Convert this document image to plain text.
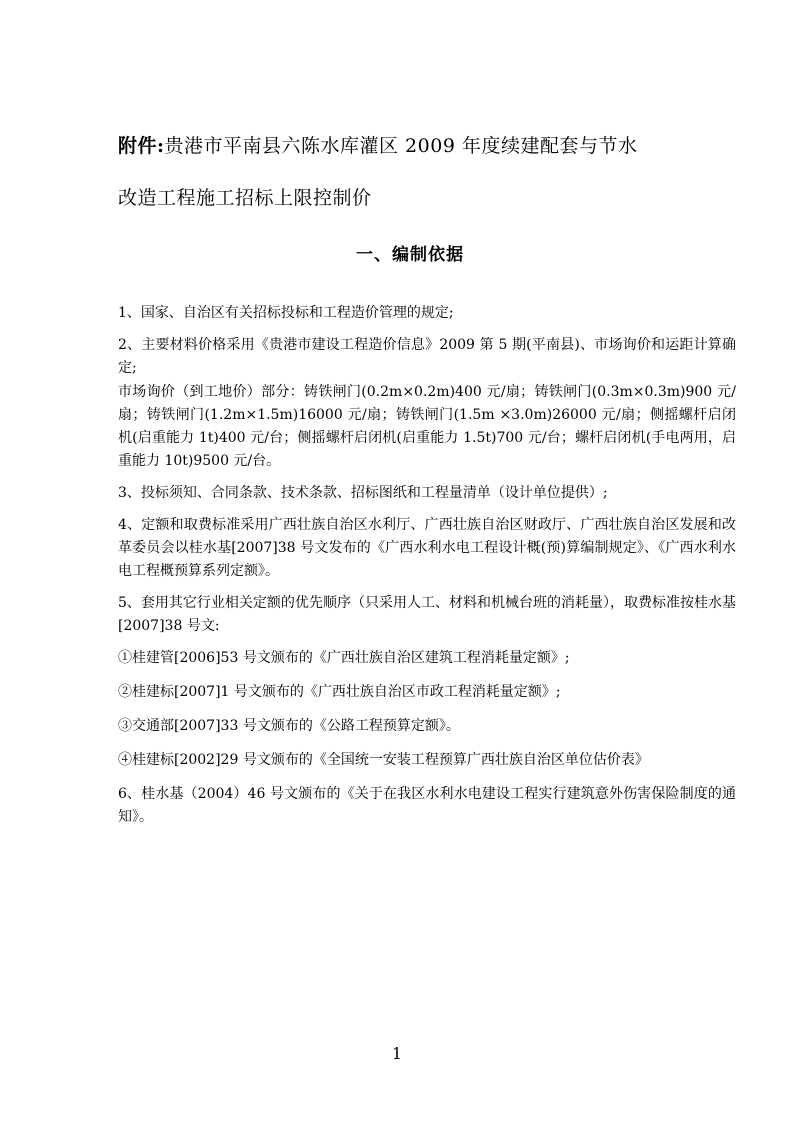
附件:贵港市平南县六陈水库灌区 2009 年度续建配套与节水
改造工程施工招标上限控制价
一、编制依据

1、国家、自治区有关招标投标和工程造价管理的规定;

2、主要材料价格采用《贵港市建设工程造价信息》2009 第 5 期(平南县)、市场询价和运距计算确定;

市场询价（到工地价）部分：铸铁闸门(0.2m×0.2m)400 元/扇；铸铁闸门(0.3m×0.3m)900 元/扇；铸铁闸门(1.2m×1.5m)16000 元/扇；铸铁闸门(1.5m ×3.0m)26000 元/扇；侧摇螺杆启闭机(启重能力 1t)400 元/台；侧摇螺杆启闭机(启重能力 1.5t)700 元/台；螺杆启闭机(手电两用，启重能力 10t)9500 元/台。

3、投标须知、合同条款、技术条款、招标图纸和工程量清单（设计单位提供）;

4、定额和取费标准采用广西壮族自治区水利厅、广西壮族自治区财政厅、广西壮族自治区发展和改革委员会以桂水基[2007]38 号文发布的《广西水利水电工程设计概(预)算编制规定》、《广西水利水电工程概预算系列定额》。

5、套用其它行业相关定额的优先顺序（只采用人工、材料和机械台班的消耗量），取费标准按桂水基[2007]38 号文:

①桂建管[2006]53 号文颁布的《广西壮族自治区建筑工程消耗量定额》;

②桂建标[2007]1 号文颁布的《广西壮族自治区市政工程消耗量定额》;

③交通部[2007]33 号文颁布的《公路工程预算定额》。

④桂建标[2002]29 号文颁布的《全国统一安装工程预算广西壮族自治区单位估价表》

6、桂水基（2004）46 号文颁布的《关于在我区水利水电建设工程实行建筑意外伤害保险制度的通知》。

1
